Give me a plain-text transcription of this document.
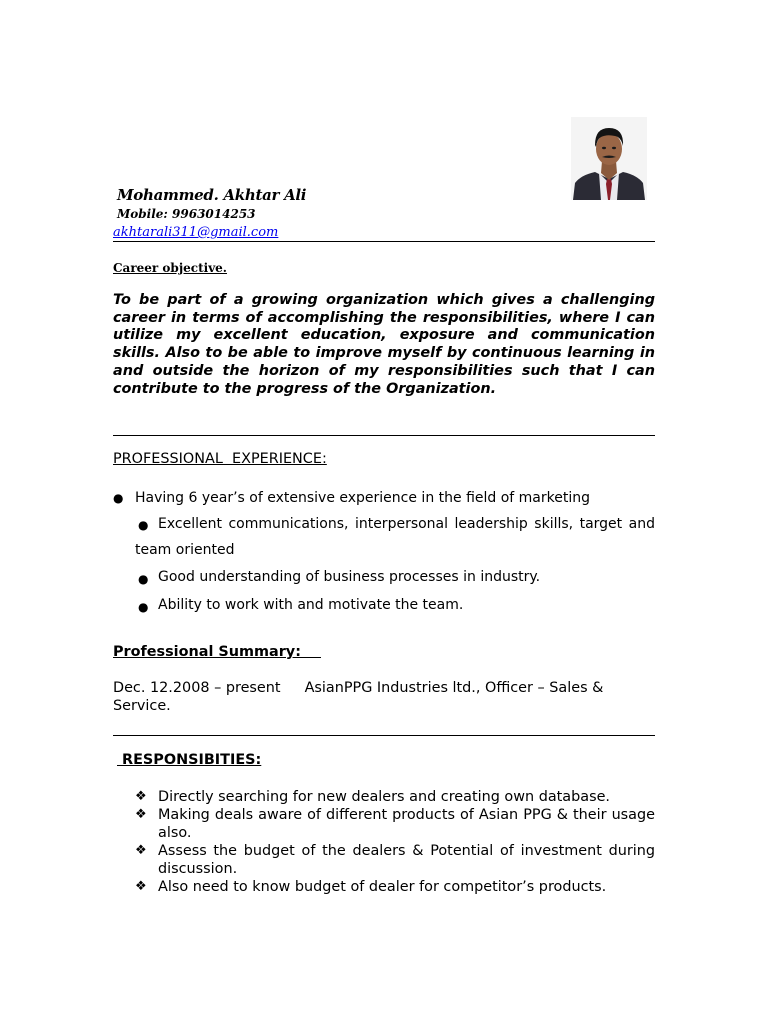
Mohammed. Akhtar Ali
Mobile: 9963014253
akhtarali311@gmail.com
Career objective.

To be part of a growing organization which gives a challenging career in terms of accomplishing the responsibilities, where I can utilize my excellent education, exposure and communication skills. Also to be able to improve myself by continuous learning in and outside the horizon of my responsibilities such that I can contribute to the progress of the Organization.

PROFESSIONAL  EXPERIENCE:
● Having 6 year’s of extensive experience in the field of marketing
● Excellent communications, interpersonal leadership skills, target and team oriented
● Good understanding of business processes in industry.
● Ability to work with and motivate the team.
Professional Summary:

Dec. 12.2008 – present AsianPPG Industries ltd., Officer – Sales & Service.

RESPONSIBITIES:
❖ Directly searching for new dealers and creating own database.
❖ Making deals aware of different products of Asian PPG & their usage also.
❖ Assess the budget of the dealers & Potential of investment during discussion.
❖ Also need to know budget of dealer for competitor’s products.
